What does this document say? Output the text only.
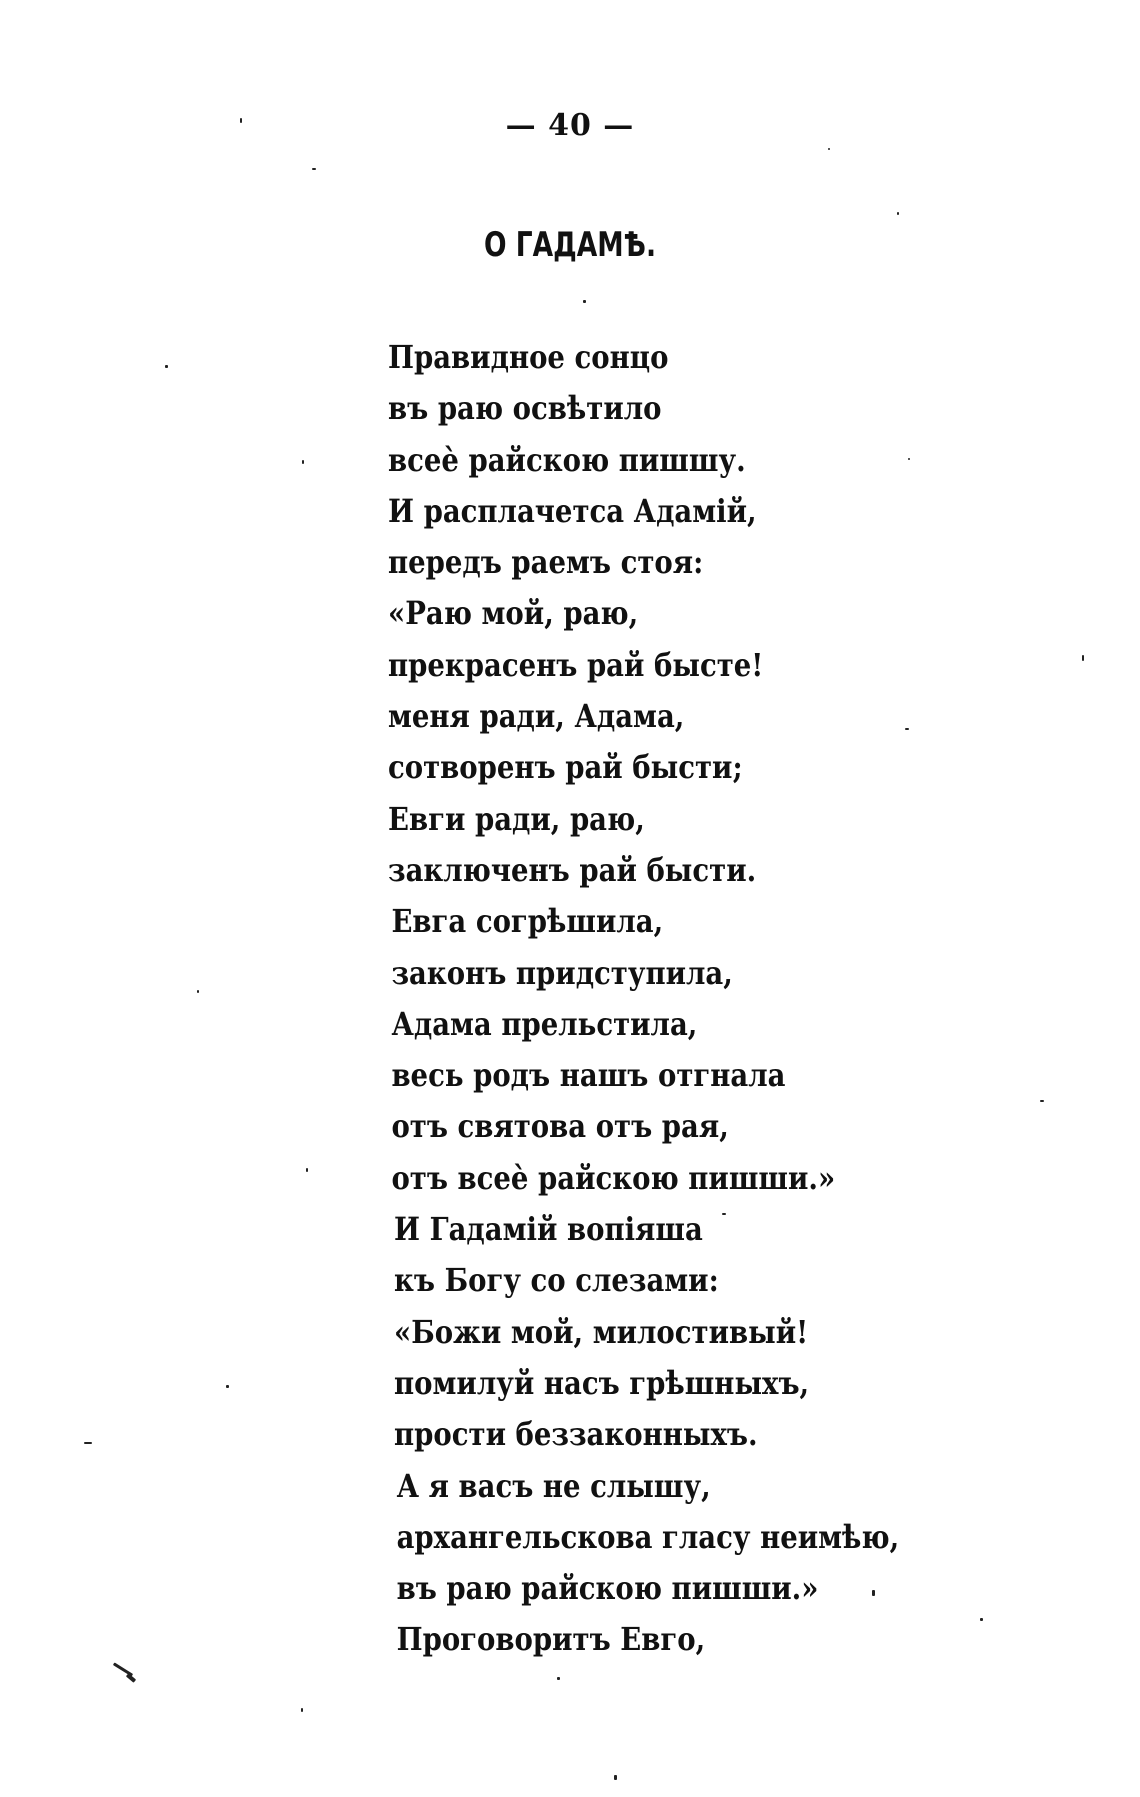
— 40 —
О ГАДАМѢ.
Правидное сонцо
въ раю освѣтило
всеѐ райскою пишшу.
И расплачетса Адамій,
передъ раемъ стоя:
«Раю мой, раю,
прекрасенъ рай бысте!
меня ради, Адама,
сотворенъ рай бысти;
Евги ради, раю,
заключенъ рай бысти.
Евга согрѣшила,
законъ придступила,
Адама прельстила,
весь родъ нашъ отгнала
отъ святова отъ рая,
отъ всеѐ райскою пишши.»
И Гадамій вопіяша
къ Богу со слезами:
«Божи мой, милостивый!
помилуй насъ грѣшныхъ,
прости беззаконныхъ.
А я васъ не слышу,
архангельскова гласу неимѣю,
въ раю райскою пишши.»
Проговоритъ Евго,
